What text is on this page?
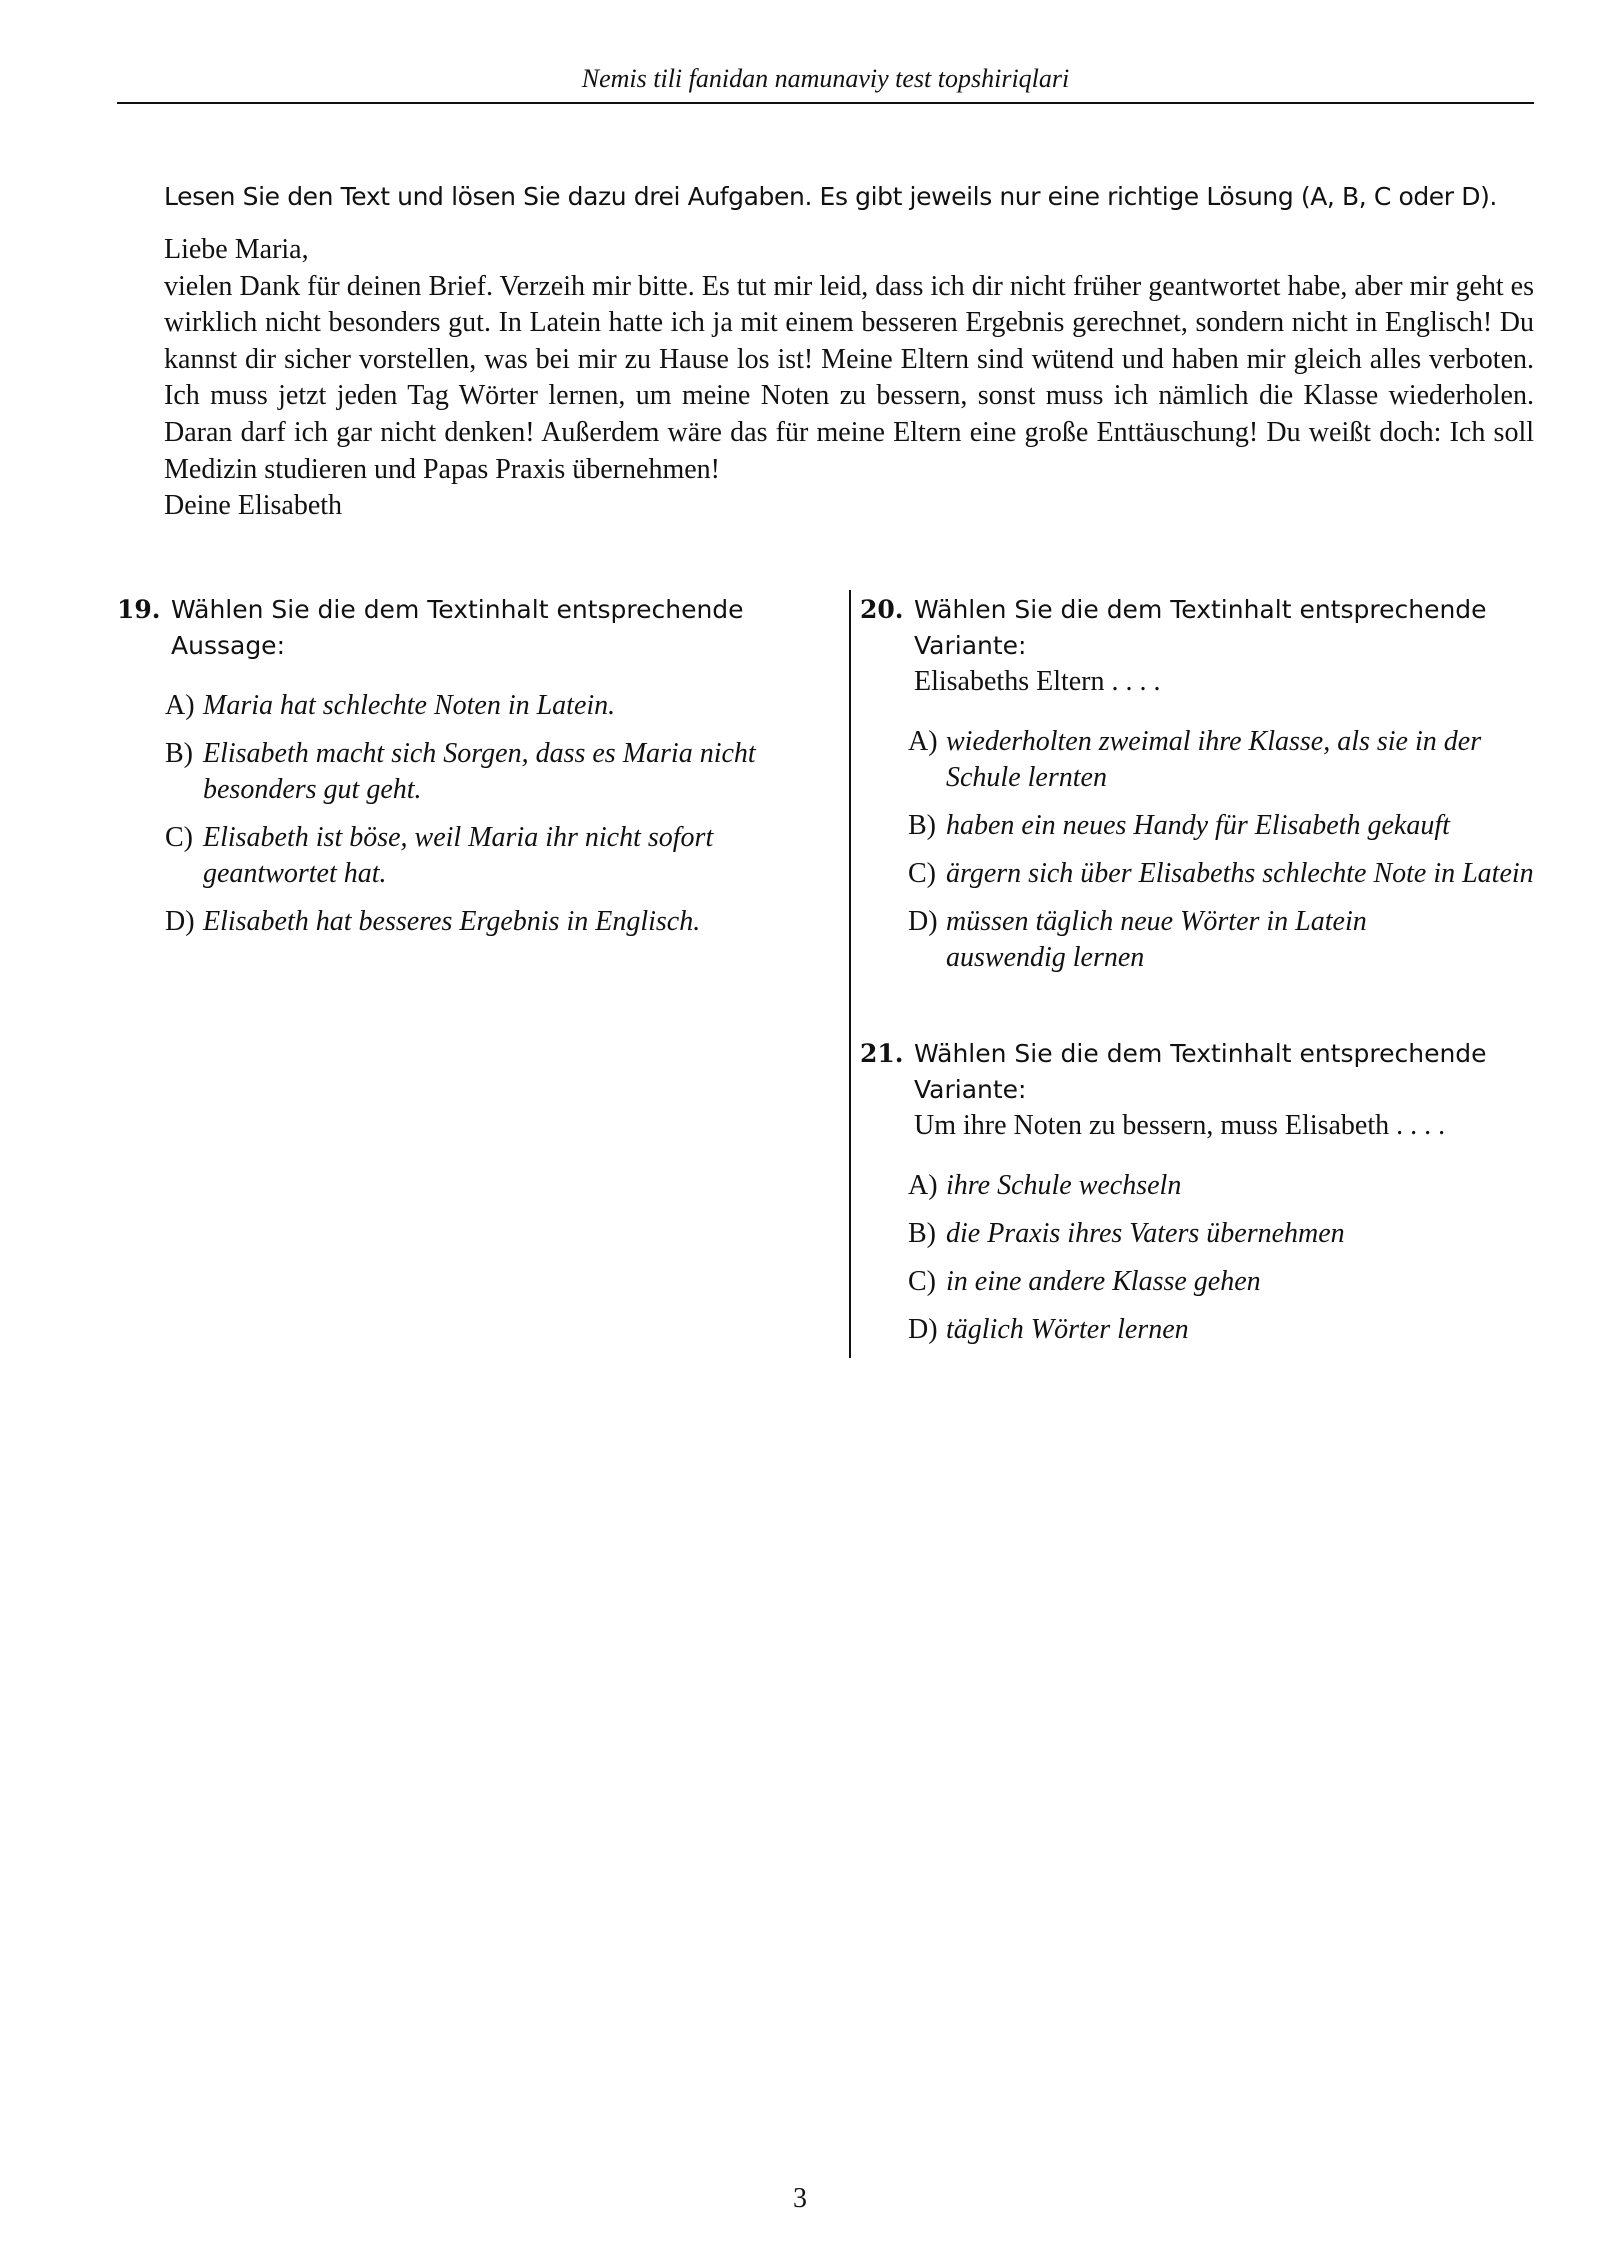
Nemis tili fanidan namunaviy test topshiriqlari
Lesen Sie den Text und lösen Sie dazu drei Aufgaben. Es gibt jeweils nur eine richtige Lösung (A, B, C oder D).

Liebe Maria,

vielen Dank für deinen Brief. Verzeih mir bitte. Es tut mir leid, dass ich dir nicht früher geantwortet habe, aber mir geht es wirklich nicht besonders gut. In Latein hatte ich ja mit einem besseren Ergebnis gerechnet, sondern nicht in Englisch! Du kannst dir sicher vorstellen, was bei mir zu Hause los ist! Meine Eltern sind wütend und haben mir gleich alles verboten. Ich muss jetzt jeden Tag Wörter lernen, um meine Noten zu bessern, sonst muss ich nämlich die Klasse wiederholen. Daran darf ich gar nicht denken! Außerdem wäre das für meine Eltern eine große Enttäuschung! Du weißt doch: Ich soll Medizin studieren und Papas Praxis übernehmen!

Deine Elisabeth

19. Wählen Sie die dem Textinhalt entsprechende
Aussage:
A) Maria hat schlechte Noten in Latein.
B) Elisabeth macht sich Sorgen, dass es Maria nicht besonders gut geht.
C) Elisabeth ist böse, weil Maria ihr nicht sofort geantwortet hat.
D) Elisabeth hat besseres Ergebnis in Englisch.
20. Wählen Sie die dem Textinhalt entsprechende
Variante:
Elisabeths Eltern . . . .
A) wiederholten zweimal ihre Klasse, als sie in der Schule lernten
B) haben ein neues Handy für Elisabeth gekauft
C) ärgern sich über Elisabeths schlechte Note in Latein
D) müssen täglich neue Wörter in Latein auswendig lernen
21. Wählen Sie die dem Textinhalt entsprechende
Variante:
Um ihre Noten zu bessern, muss Elisabeth . . . .
A) ihre Schule wechseln
B) die Praxis ihres Vaters übernehmen
C) in eine andere Klasse gehen
D) täglich Wörter lernen
3
